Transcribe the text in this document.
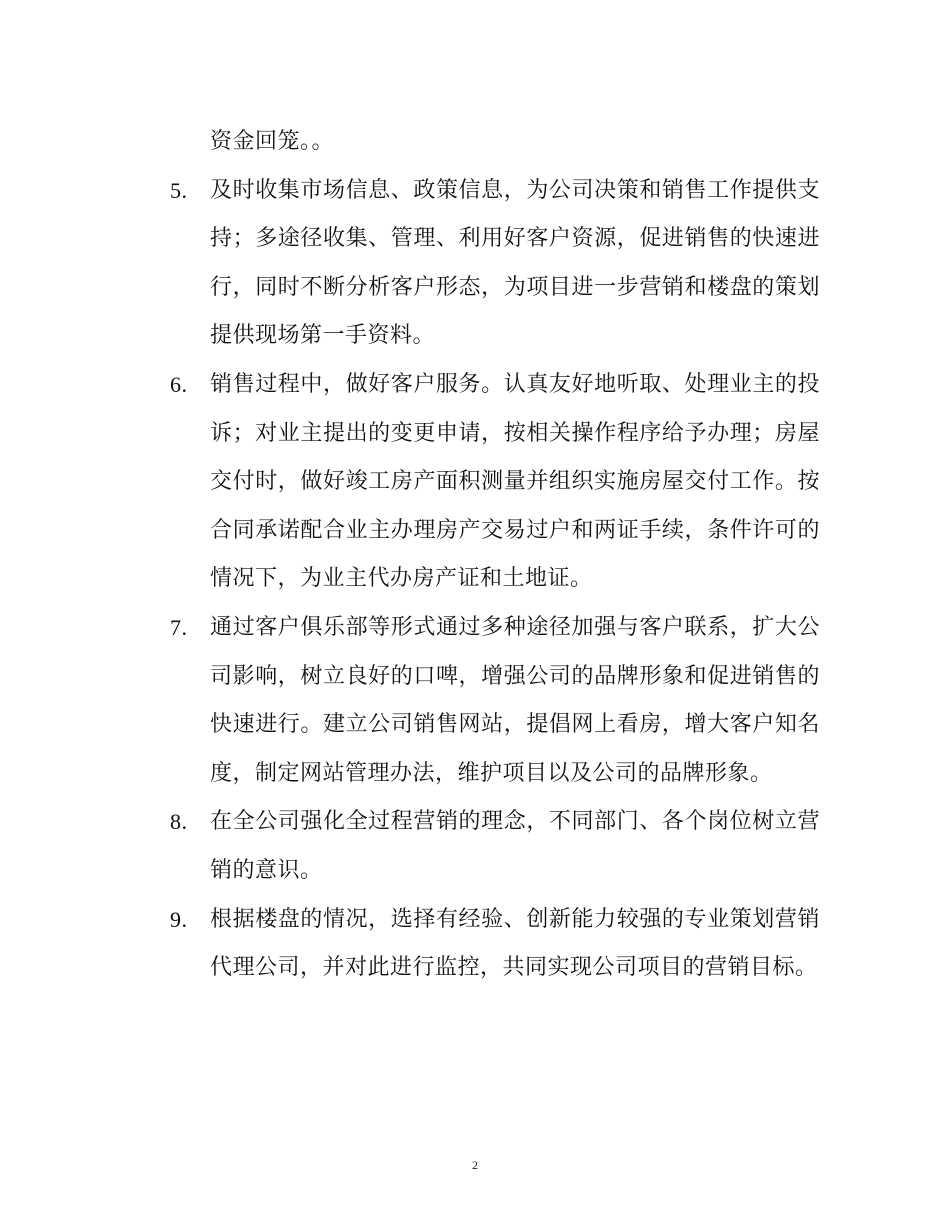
资金回笼。。

5.	及时收集市场信息、政策信息，为公司决策和销售工作提供支持；多途径收集、管理、利用好客户资源，促进销售的快速进行，同时不断分析客户形态，为项目进一步营销和楼盘的策划提供现场第一手资料。
6.	销售过程中，做好客户服务。认真友好地听取、处理业主的投诉；对业主提出的变更申请，按相关操作程序给予办理；房屋交付时，做好竣工房产面积测量并组织实施房屋交付工作。按合同承诺配合业主办理房产交易过户和两证手续，条件许可的情况下，为业主代办房产证和土地证。
7.	通过客户俱乐部等形式通过多种途径加强与客户联系，扩大公司影响，树立良好的口啤，增强公司的品牌形象和促进销售的快速进行。建立公司销售网站，提倡网上看房，增大客户知名度，制定网站管理办法，维护项目以及公司的品牌形象。
8.	在全公司强化全过程营销的理念，不同部门、各个岗位树立营销的意识。
9.	根据楼盘的情况，选择有经验、创新能力较强的专业策划营销代理公司，并对此进行监控，共同实现公司项目的营销目标。
2
